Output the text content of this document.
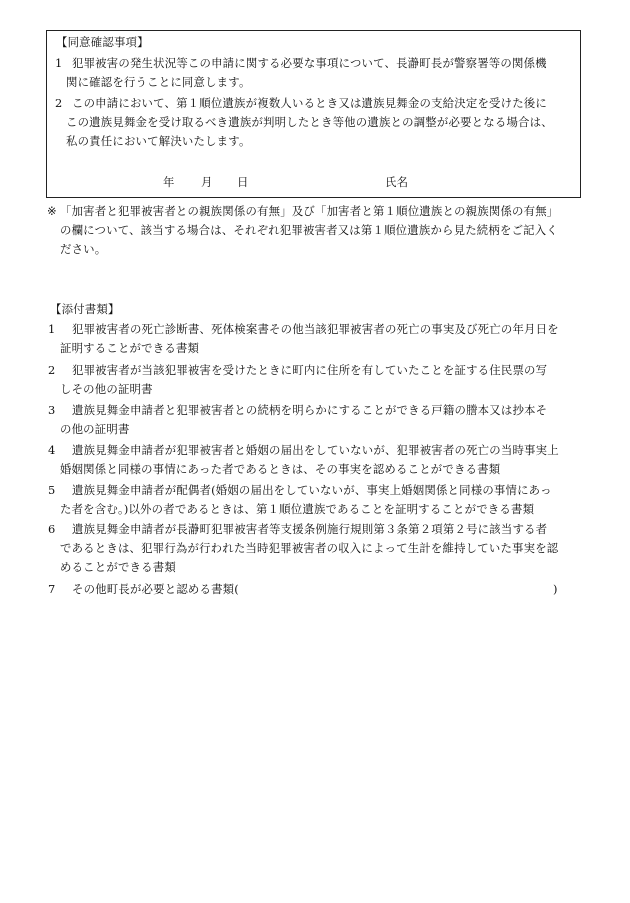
【同意確認事項】
1 犯罪被害の発生状況等この申請に関する必要な事項について、長瀞町長が警察署等の関係機
関に確認を行うことに同意します。
2 この申請において、第１順位遺族が複数人いるとき又は遺族見舞金の支給決定を受けた後に
この遺族見舞金を受け取るべき遺族が判明したとき等他の遺族との調整が必要となる場合は、
私の責任において解決いたします。
年 月 日	氏名
※ 「加害者と犯罪被害者との親族関係の有無」及び「加害者と第１順位遺族との親族関係の有無」
の欄について、該当する場合は、それぞれ犯罪被害者又は第１順位遺族から見た続柄をご記入く
ださい。
【添付書類】
1 犯罪被害者の死亡診断書、死体検案書その他当該犯罪被害者の死亡の事実及び死亡の年月日を
証明することができる書類
2 犯罪被害者が当該犯罪被害を受けたときに町内に住所を有していたことを証する住民票の写
しその他の証明書
3 遺族見舞金申請者と犯罪被害者との続柄を明らかにすることができる戸籍の謄本又は抄本そ
の他の証明書
4 遺族見舞金申請者が犯罪被害者と婚姻の届出をしていないが、犯罪被害者の死亡の当時事実上
婚姻関係と同様の事情にあった者であるときは、その事実を認めることができる書類
5 遺族見舞金申請者が配偶者(婚姻の届出をしていないが、事実上婚姻関係と同様の事情にあっ
た者を含む。)以外の者であるときは、第１順位遺族であることを証明することができる書類
6 遺族見舞金申請者が長瀞町犯罪被害者等支援条例施行規則第３条第２項第２号に該当する者
であるときは、犯罪行為が行われた当時犯罪被害者の収入によって生計を維持していた事実を認
めることができる書類
7 その他町長が必要と認める書類(	)
